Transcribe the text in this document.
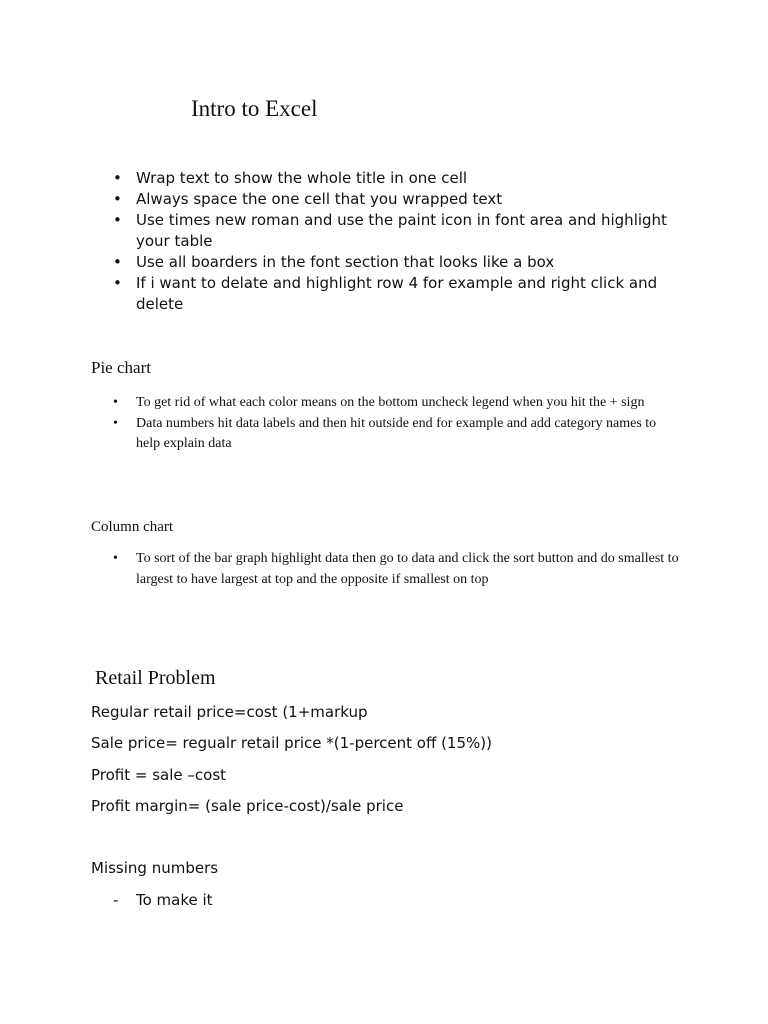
Intro to Excel
• Wrap text to show the whole title in one cell
• Always space the one cell that you wrapped text
• Use times new roman and use the paint icon in font area and highlight your table
• Use all boarders in the font section that looks like a box
• If i want to delate and highlight row 4 for example and right click and delete
Pie chart
• To get rid of what each color means on the bottom uncheck legend when you hit the + sign
• Data numbers hit data labels and then hit outside end for example and add category names to help explain data
Column chart
• To sort of the bar graph highlight data then go to data and click the sort button and do smallest to largest to have largest at top and the opposite if smallest on top
Retail Problem

Regular retail price=cost (1+markup

Sale price= regualr retail price *(1-percent off (15%))

Profit = sale –cost

Profit margin= (sale price-cost)/sale price

Missing numbers

- To make it
